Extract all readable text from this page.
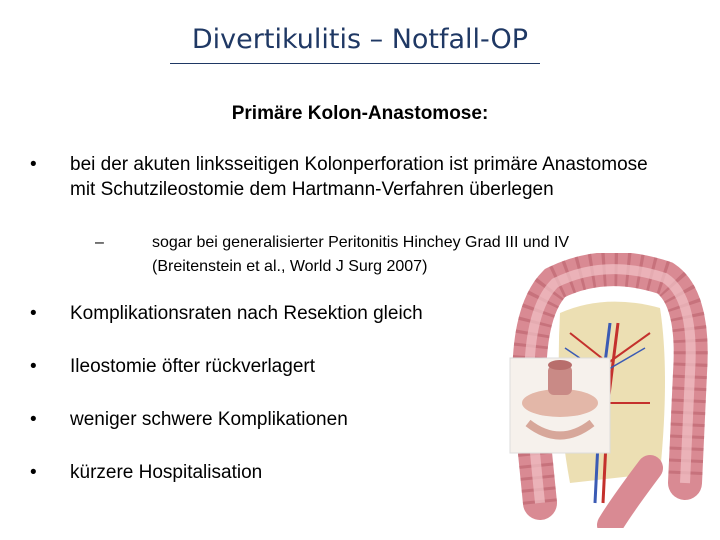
Divertikulitis – Notfall-OP
Primäre Kolon-Anastomose:
•	bei der akuten linksseitigen Kolonperforation ist primäre Anastomose mit Schutzileostomie dem Hartmann-Verfahren überlegen
–	sogar bei generalisierter Peritonitis Hinchey Grad III und IV (Breitenstein et al., World J Surg 2007)
•	Komplikationsraten nach Resektion gleich
•	Ileostomie öfter rückverlagert
•	weniger schwere Komplikationen
•	kürzere Hospitalisation
© otventrum.ch
